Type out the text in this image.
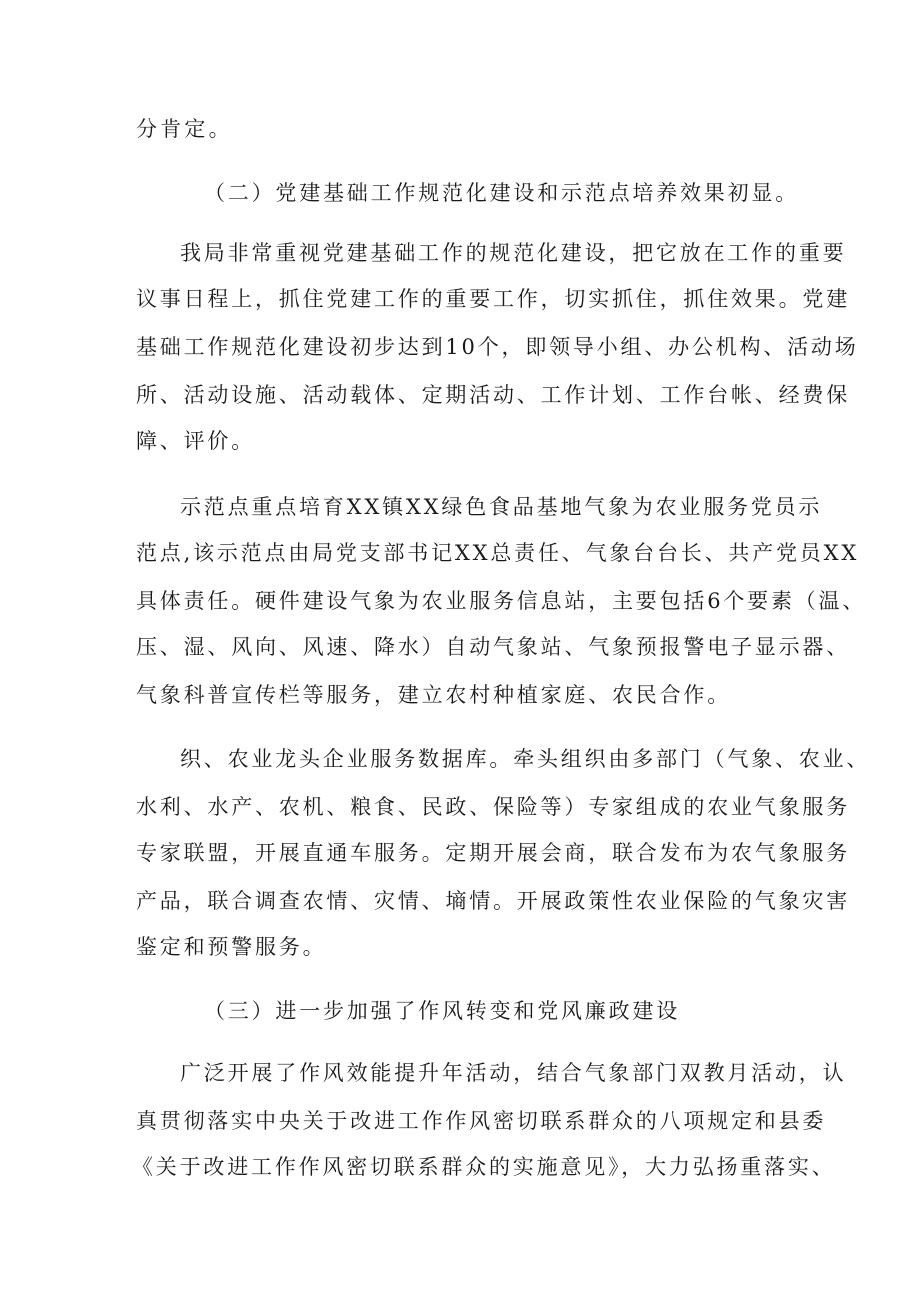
分肯定。
（二）党建基础工作规范化建设和示范点培养效果初显。
我局非常重视党建基础工作的规范化建设，把它放在工作的重要
议事日程上，抓住党建工作的重要工作，切实抓住，抓住效果。党建
基础工作规范化建设初步达到10个，即领导小组、办公机构、活动场
所、活动设施、活动载体、定期活动、工作计划、工作台帐、经费保
障、评价。
示范点重点培育XX镇XX绿色食品基地气象为农业服务党员示
范点,该示范点由局党支部书记XX总责任、气象台台长、共产党员XX
具体责任。硬件建设气象为农业服务信息站，主要包括6个要素（温、
压、湿、风向、风速、降水）自动气象站、气象预报警电子显示器、
气象科普宣传栏等服务，建立农村种植家庭、农民合作。
织、农业龙头企业服务数据库。牵头组织由多部门（气象、农业、
水利、水产、农机、粮食、民政、保险等）专家组成的农业气象服务
专家联盟，开展直通车服务。定期开展会商，联合发布为农气象服务
产品，联合调查农情、灾情、墒情。开展政策性农业保险的气象灾害
鉴定和预警服务。
（三）进一步加强了作风转变和党风廉政建设
广泛开展了作风效能提升年活动，结合气象部门双教月活动，认
真贯彻落实中央关于改进工作作风密切联系群众的八项规定和县委
《关于改进工作作风密切联系群众的实施意见》，大力弘扬重落实、
